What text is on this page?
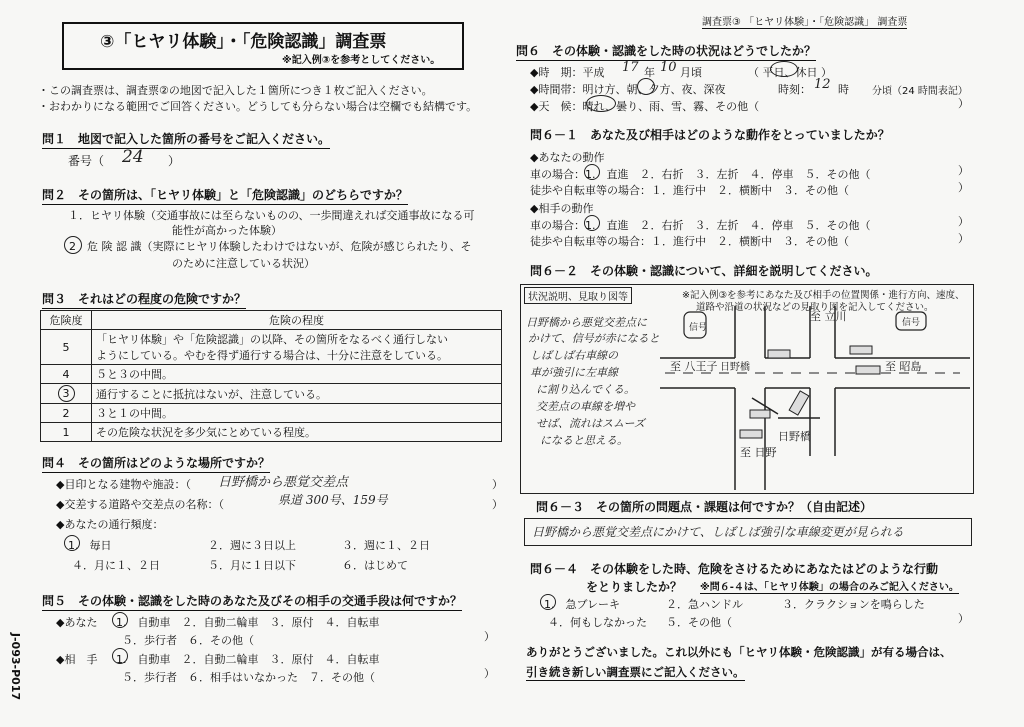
③「ヒヤリ体験」・「危険認識」調査票
※記入例③を参考としてください。
・この調査票は、調査票②の地図で記入した１箇所につき１枚ご記入ください。
・おわかりになる範囲でご回答ください。どうしても分らない場合は空欄でも結構です。
問１　地図で記入した箇所の番号をご記入ください。
番号（ 24 ）
問２　その箇所は、「ヒヤリ体験」と「危険認識」のどちらですか？
１．ヒヤリ体験（交通事故には至らないものの、一歩間違えれば交通事故になる可
能性が高かった体験）
2　危 険 認 識（実際にヒヤリ体験したわけではないが、危険が感じられたり、そ
のために注意している状況）
問３　それはどの程度の危険ですか？
危険度	危険の程度
5	「ヒヤリ体験」や「危険認識」の以降、その箇所をなるべく通行しない
ようにしている。やむを得ず通行する場合は、十分に注意をしている。

4	５と３の中間。
3	通行することに抵抗はないが、注意している。
2	３と１の中間。
1	その危険な状況を多少気にとめている程度。
問４　その箇所はどのような場所ですか？
◆目印となる建物や施設：（ 日野橋から悪覚交差点	）
◆交差する道路や交差点の名称：（	県道 300号、159号	）
◆あなたの通行頻度：
1.　毎日	２．週に３日以上	３．週に１、２日
４．月に１、２日	５．月に１日以下	６．はじめて
問５　その体験・認識をした時のあなた及びその相手の交通手段は何ですか？
◆あなた 1.　自動車　２．自動二輪車　３．原付　４．自転車
５．歩行者　６．その他（	）
◆相　手 1.　自動車　２．自動二輪車　３．原付　４．自転車
５．歩行者　６．相手はいなかった　７．その他（	）
J-093-P017
調査票③ 「ヒヤリ体験」・「危険認識」 調査票
問６　その体験・認識をした時の状況はどうでしたか？
◆時　期：平成 17 年 10 月頃	（ 平日、休日 ）
◆時間帯：明け方、朝、夕方、夜、深夜	時刻： 12 時 分頃（24 時間表記）
◆天　候：晴れ、曇り、雨、雪、霧、その他（	）
問６－１　あなた及び相手はどのような動作をとっていましたか？
◆あなたの動作
車の場合：1.　直進　２．右折　３．左折　４．停車　５．その他（	）
徒歩や自転車等の場合：１．進行中　２．横断中　３．その他（	）
◆相手の動作
車の場合：1.　直進　２．右折　３．左折　４．停車　５．その他（	）
徒歩や自転車等の場合：１．進行中　２．横断中　３．その他（	）
問６－２　その体験・認識について、詳細を説明してください。
状況説明、見取り図等	※記入例③を参考にあなた及び相手の位置関係・進行方向、速度、
道路や沿道の状況などの見取り図を記入してください。
日野橋から悪覚交差点に
かけて、信号が赤になると
しばしば右車線の
車が強引に左車線
に割り込んでくる。
交差点の車線を増や
せば、流れはスムーズ
になると思える。
信号	信号
至 立川
至 八王子 日野橋	至 昭島
日野橋
至 日野
問６－３　その箇所の問題点・課題は何ですか？（自由記述）
日野橋から悪覚交差点にかけて、しばしば強引な車線変更が見られる
問６－４　その体験をした時、危険をさけるためにあなたはどのような行動
をとりましたか？ ※問６-４は、「ヒヤリ体験」の場合のみご記入ください。
1.　急ブレーキ	２．急ハンドル	３．クラクションを鳴らした
４．何もしなかった ５．その他（	）
ありがとうございました。これ以外にも「ヒヤリ体験・危険認識」が有る場合は、
引き続き新しい調査票にご記入ください。
